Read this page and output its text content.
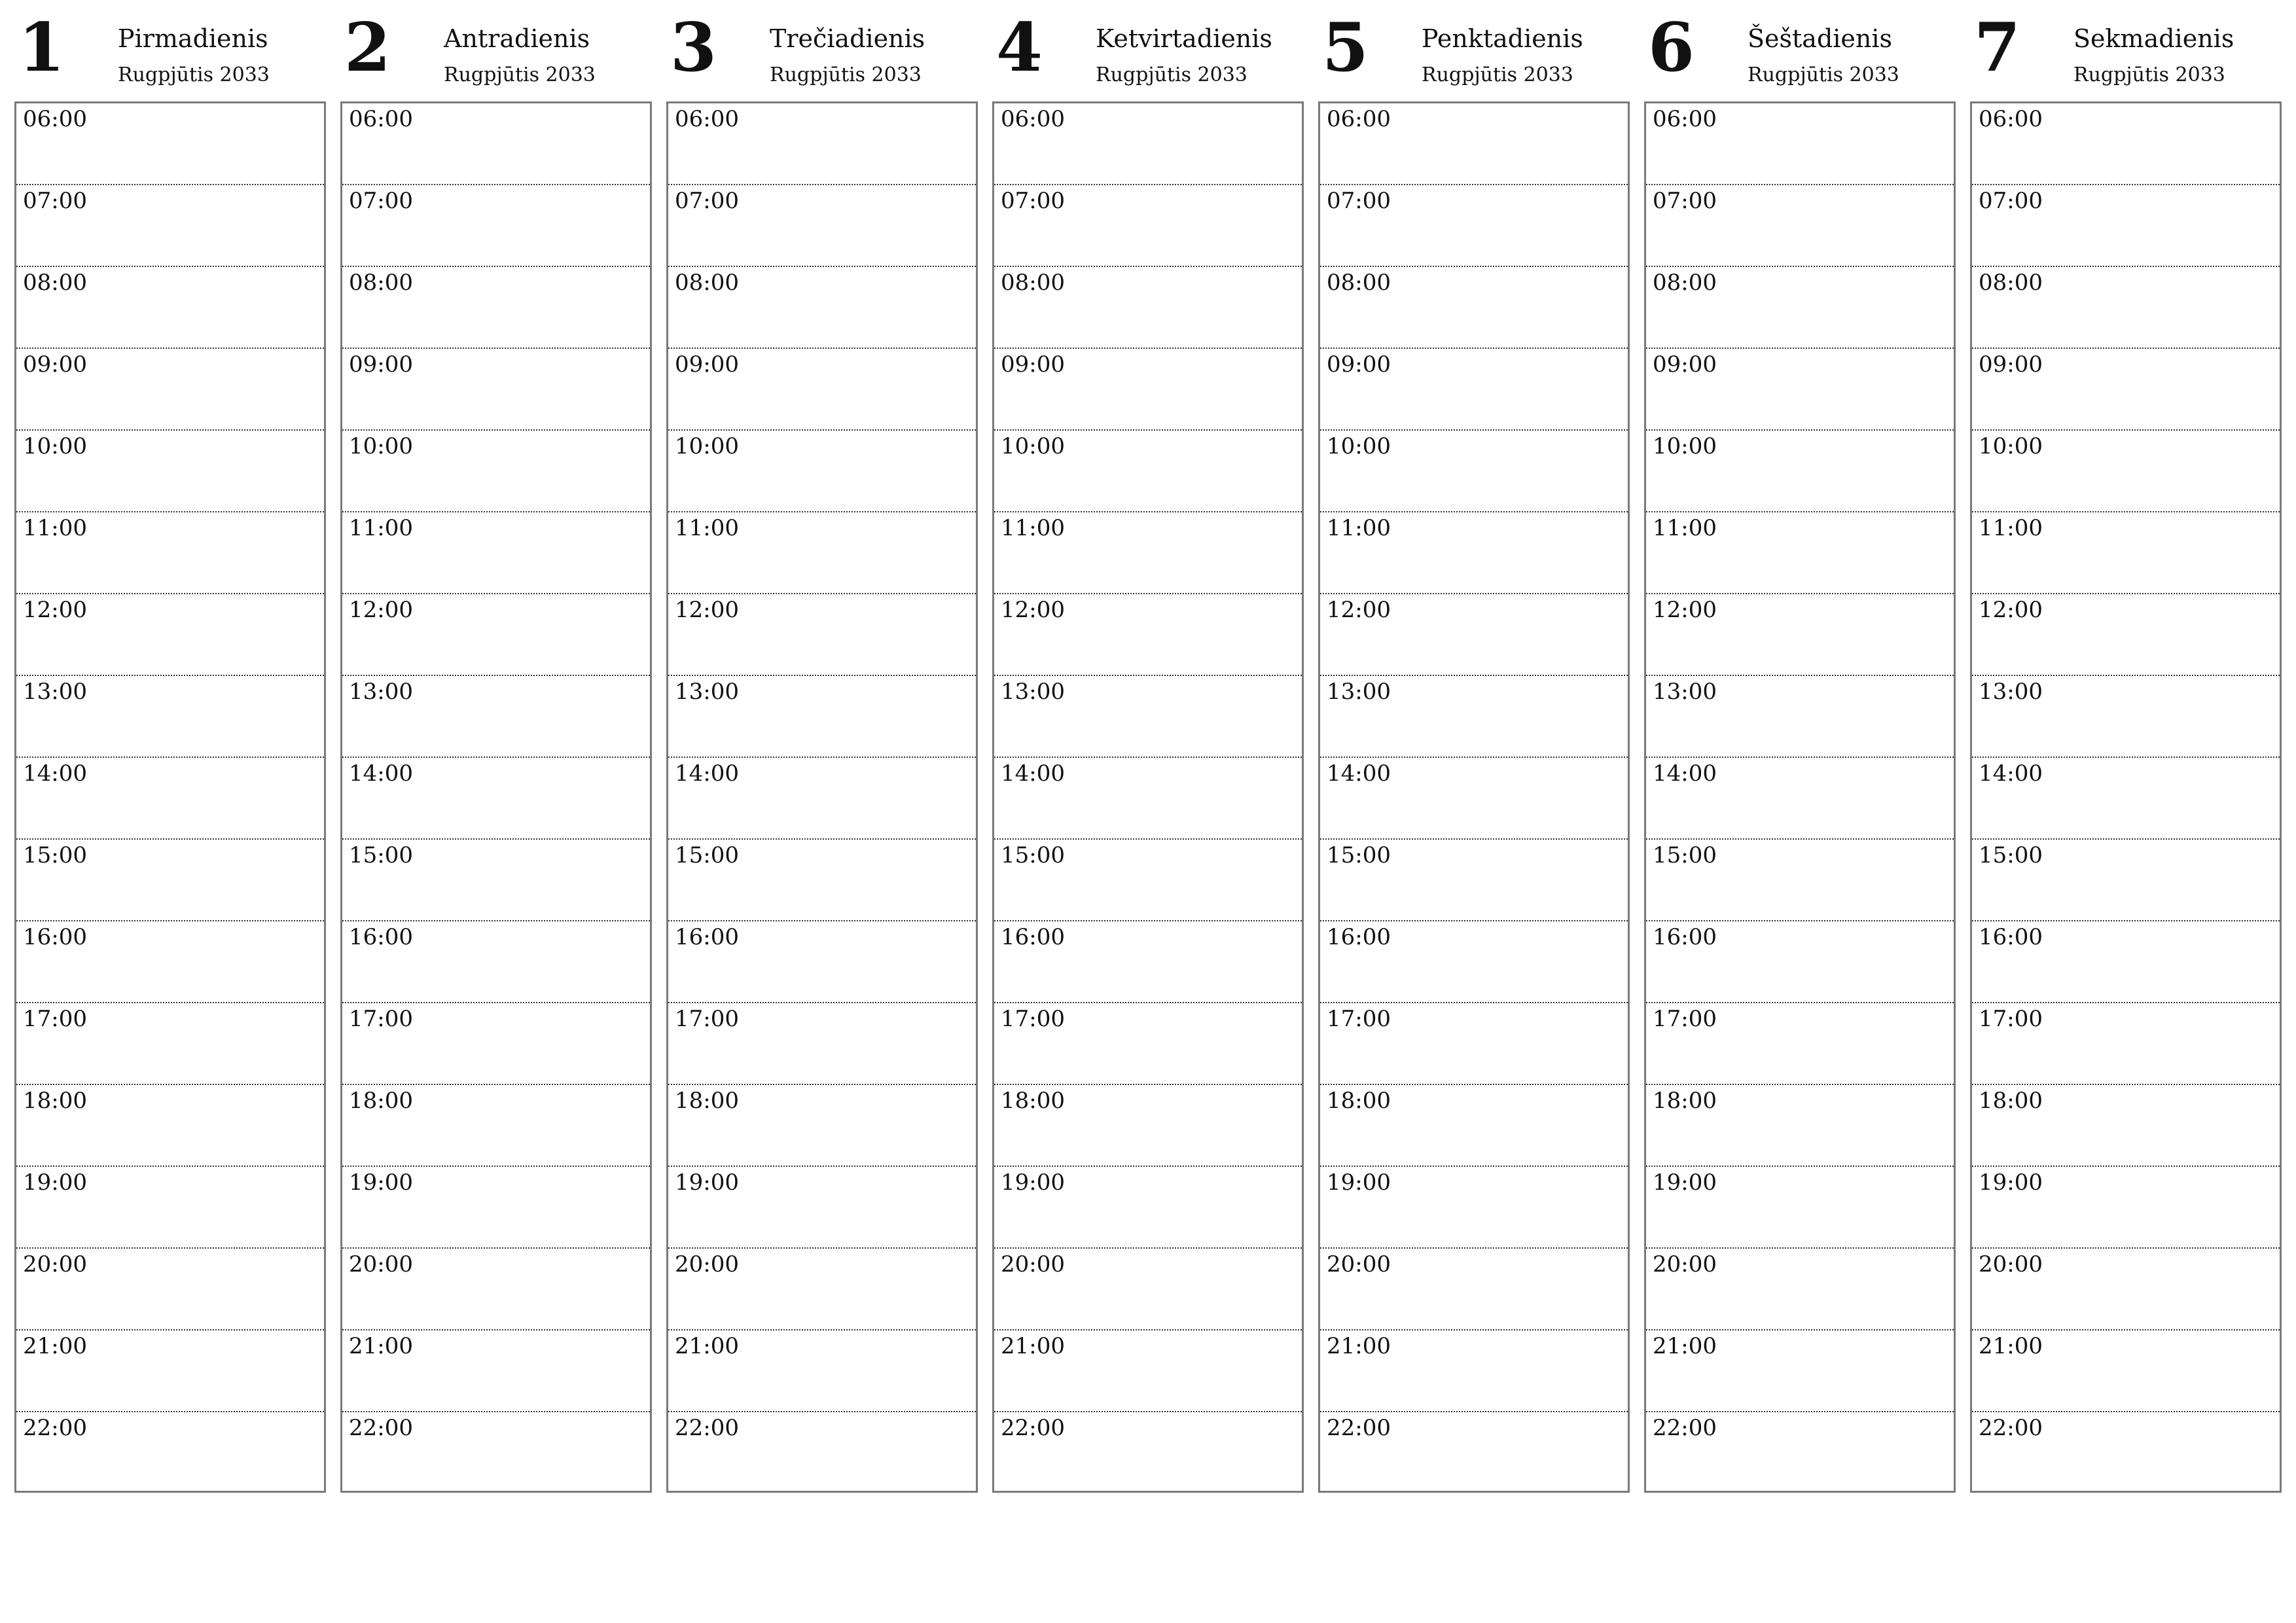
1 Pirmadienis
Rugpjūtis 2033
06:00
07:00
08:00
09:00
10:00
11:00
12:00
13:00
14:00
15:00
16:00
17:00
18:00
19:00
20:00
21:00
22:00
2 Antradienis
Rugpjūtis 2033
06:00
07:00
08:00
09:00
10:00
11:00
12:00
13:00
14:00
15:00
16:00
17:00
18:00
19:00
20:00
21:00
22:00
3 Trečiadienis
Rugpjūtis 2033
06:00
07:00
08:00
09:00
10:00
11:00
12:00
13:00
14:00
15:00
16:00
17:00
18:00
19:00
20:00
21:00
22:00
4 Ketvirtadienis
Rugpjūtis 2033
06:00
07:00
08:00
09:00
10:00
11:00
12:00
13:00
14:00
15:00
16:00
17:00
18:00
19:00
20:00
21:00
22:00
5 Penktadienis
Rugpjūtis 2033
06:00
07:00
08:00
09:00
10:00
11:00
12:00
13:00
14:00
15:00
16:00
17:00
18:00
19:00
20:00
21:00
22:00
6 Šeštadienis
Rugpjūtis 2033
06:00
07:00
08:00
09:00
10:00
11:00
12:00
13:00
14:00
15:00
16:00
17:00
18:00
19:00
20:00
21:00
22:00
7 Sekmadienis
Rugpjūtis 2033
06:00
07:00
08:00
09:00
10:00
11:00
12:00
13:00
14:00
15:00
16:00
17:00
18:00
19:00
20:00
21:00
22:00
